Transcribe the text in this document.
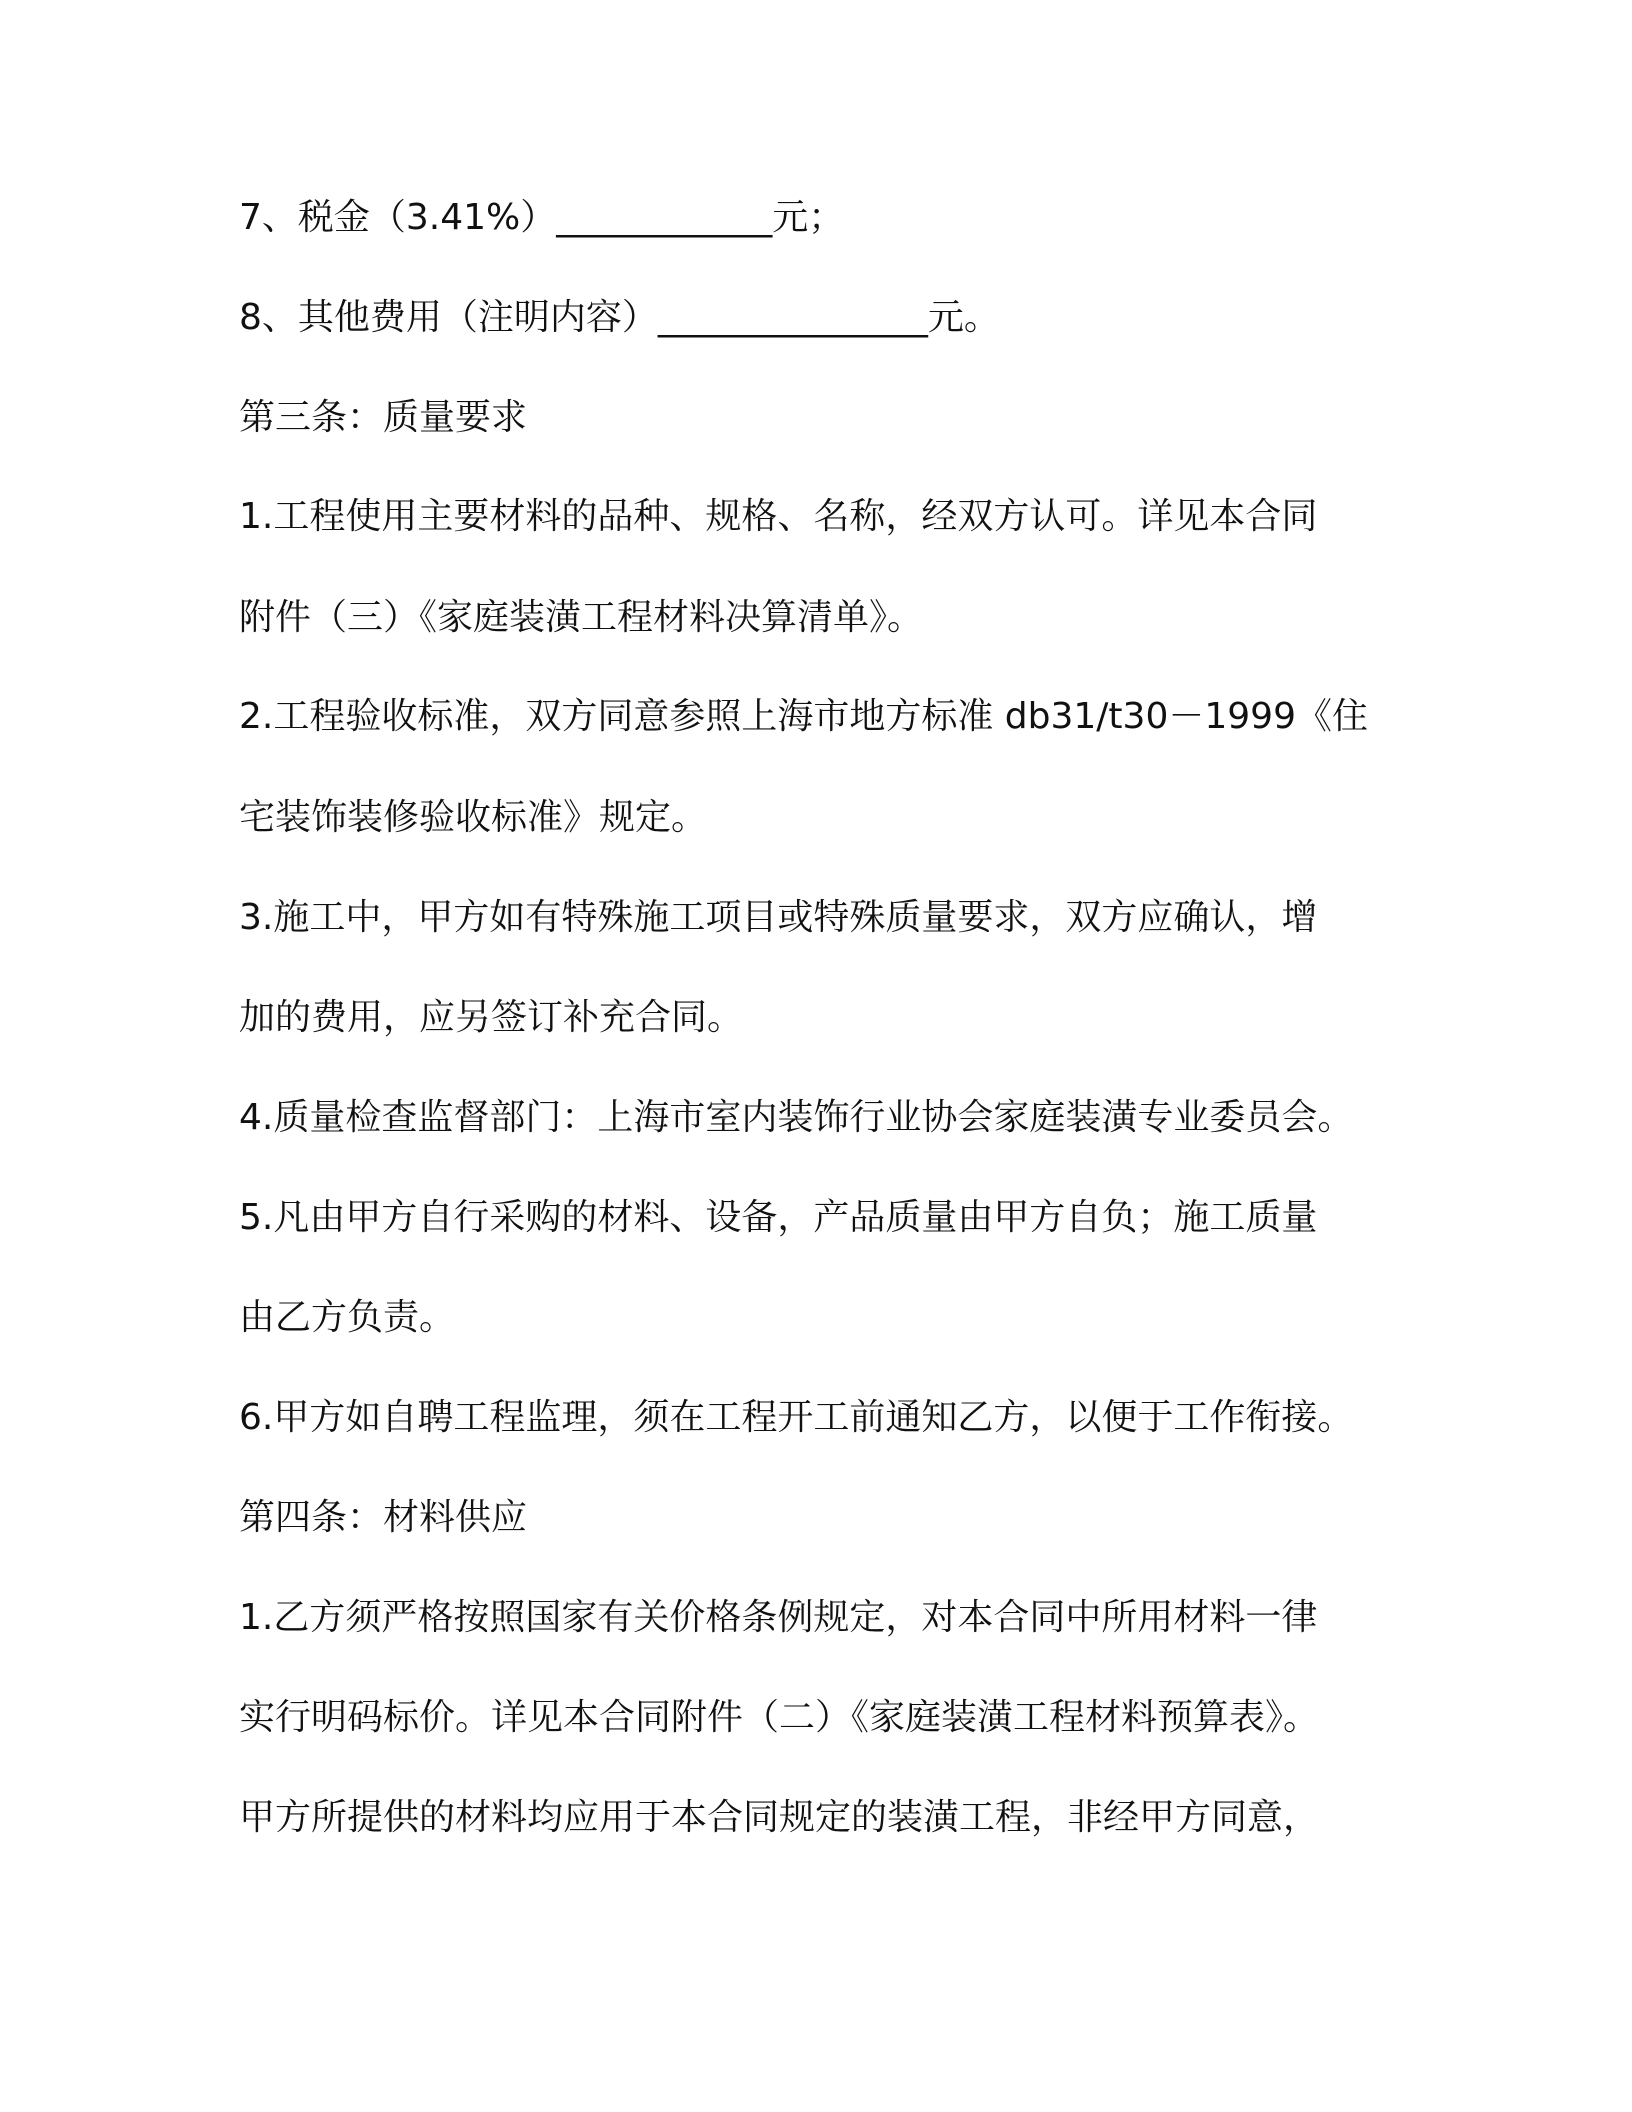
7、税金（3.41%）____________元；
8、其他费用（注明内容）_______________元。
第三条：质量要求
1.工程使用主要材料的品种、规格、名称，经双方认可。详见本合同
附件（三）《家庭装潢工程材料决算清单》。
2.工程验收标准，双方同意参照上海市地方标准 db31/t30－1999《住
宅装饰装修验收标准》规定。
3.施工中，甲方如有特殊施工项目或特殊质量要求，双方应确认，增
加的费用，应另签订补充合同。
4.质量检查监督部门：上海市室内装饰行业协会家庭装潢专业委员会。
5.凡由甲方自行采购的材料、设备，产品质量由甲方自负；施工质量
由乙方负责。
6.甲方如自聘工程监理，须在工程开工前通知乙方，以便于工作衔接。
第四条：材料供应
1.乙方须严格按照国家有关价格条例规定，对本合同中所用材料一律
实行明码标价。详见本合同附件（二）《家庭装潢工程材料预算表》。
甲方所提供的材料均应用于本合同规定的装潢工程，非经甲方同意，
